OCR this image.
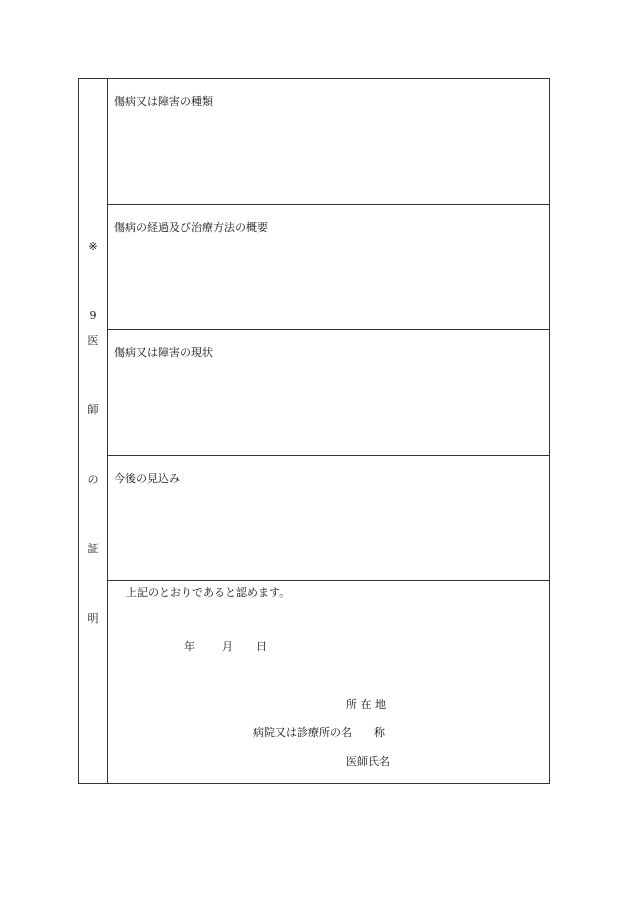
※
9
医
師
の
証
明
傷病又は障害の種類
傷病の経過及び治療方法の概要
傷病又は障害の現状
今後の見込み
上記のとおりであると認めます。
年 月 日
所 在 地
病院又は診療所の名　　称
医師氏名
